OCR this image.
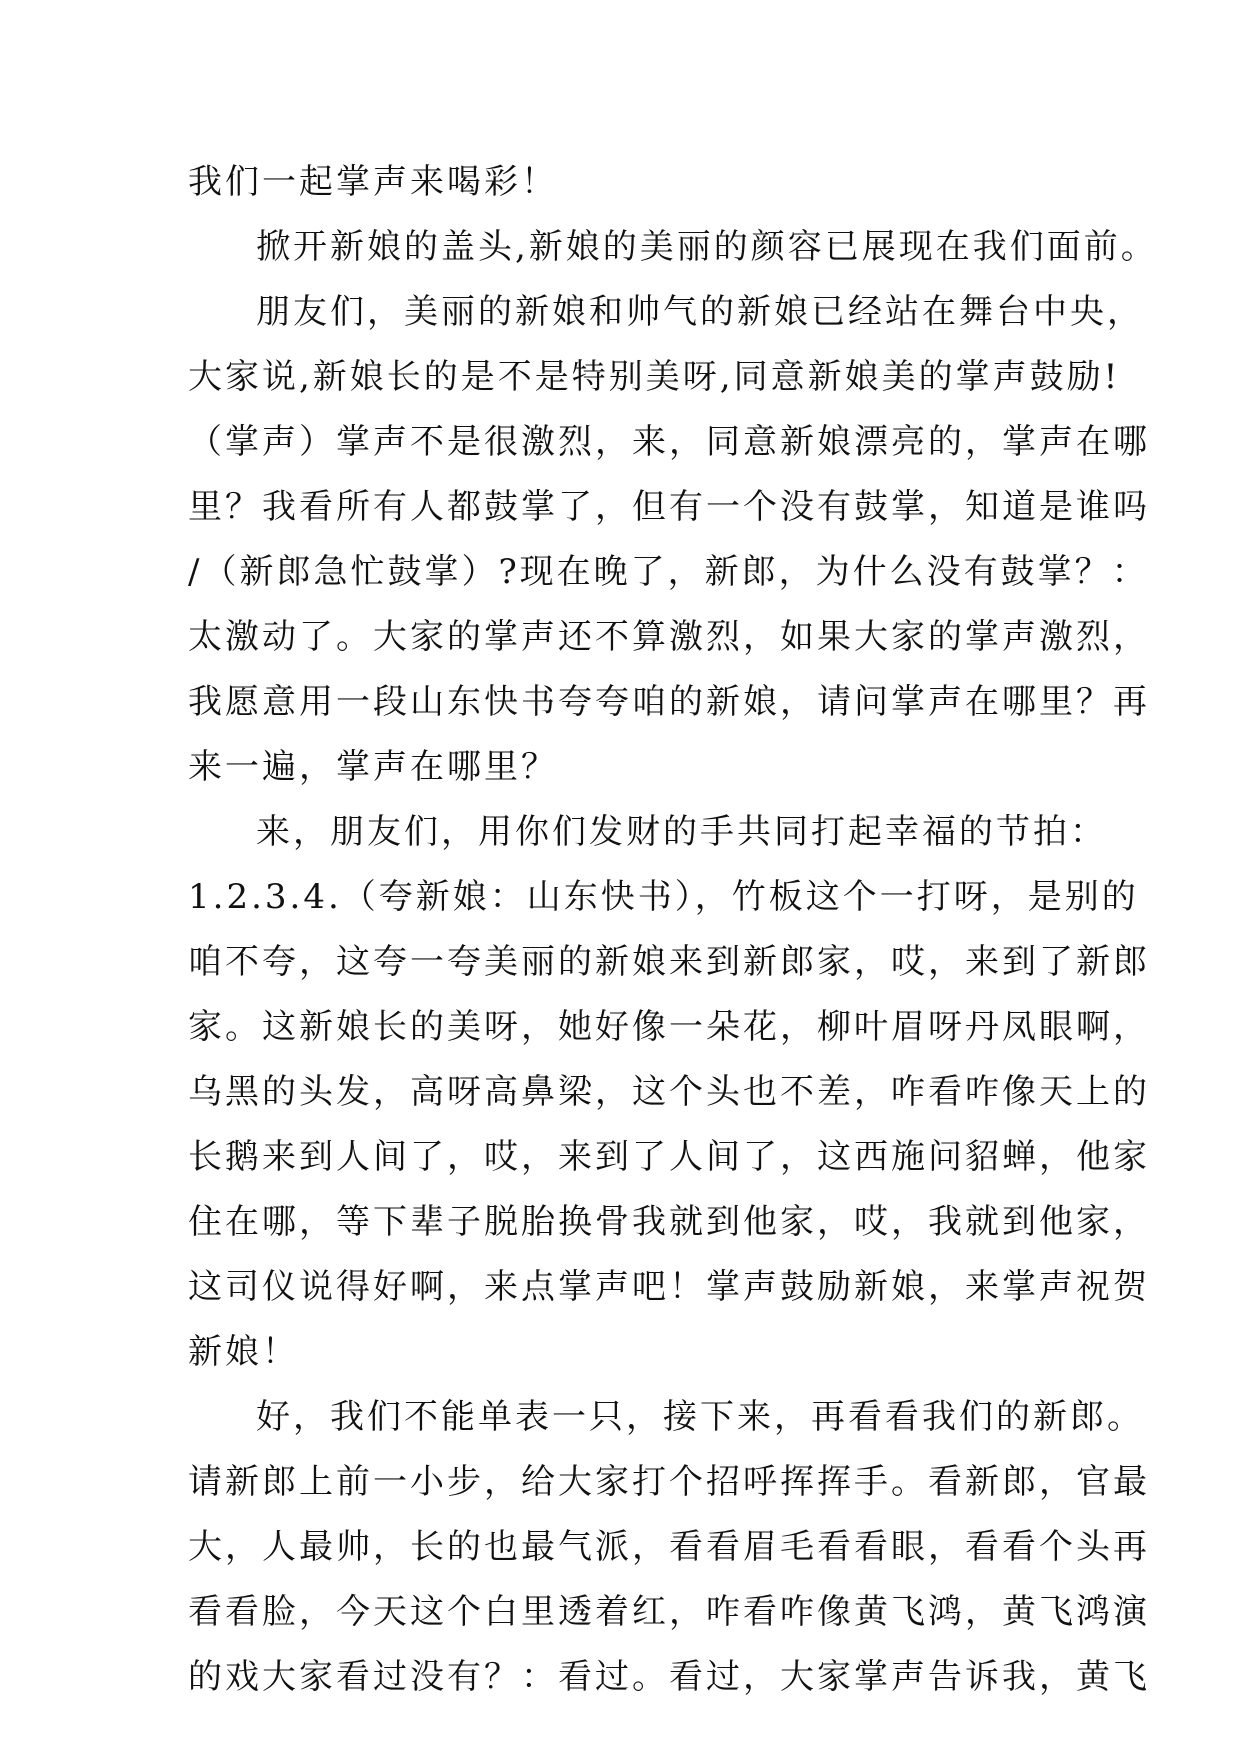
我们一起掌声来喝彩！
掀开新娘的盖头,新娘的美丽的颜容已展现在我们面前。
朋友们，美丽的新娘和帅气的新娘已经站在舞台中央，
大家说,新娘长的是不是特别美呀,同意新娘美的掌声鼓励!
（掌声）掌声不是很激烈，来，同意新娘漂亮的，掌声在哪
里？我看所有人都鼓掌了，但有一个没有鼓掌，知道是谁吗
/（新郎急忙鼓掌）?现在晚了，新郎，为什么没有鼓掌？：
太激动了。大家的掌声还不算激烈，如果大家的掌声激烈，
我愿意用一段山东快书夸夸咱的新娘，请问掌声在哪里？再
来一遍，掌声在哪里？
来，朋友们，用你们发财的手共同打起幸福的节拍：
1.2.3.4.（夸新娘：山东快书），竹板这个一打呀，是别的
咱不夸，这夸一夸美丽的新娘来到新郎家，哎，来到了新郎
家。这新娘长的美呀，她好像一朵花，柳叶眉呀丹凤眼啊，
乌黑的头发，高呀高鼻梁，这个头也不差，咋看咋像天上的
长鹅来到人间了，哎，来到了人间了，这西施问貂蝉，他家
住在哪，等下辈子脱胎换骨我就到他家，哎，我就到他家，
这司仪说得好啊，来点掌声吧！掌声鼓励新娘，来掌声祝贺
新娘！
好，我们不能单表一只，接下来，再看看我们的新郎。
请新郎上前一小步，给大家打个招呼挥挥手。看新郎，官最
大，人最帅，长的也最气派，看看眉毛看看眼，看看个头再
看看脸，今天这个白里透着红，咋看咋像黄飞鸿，黄飞鸿演
的戏大家看过没有？：看过。看过，大家掌声告诉我，黄飞
